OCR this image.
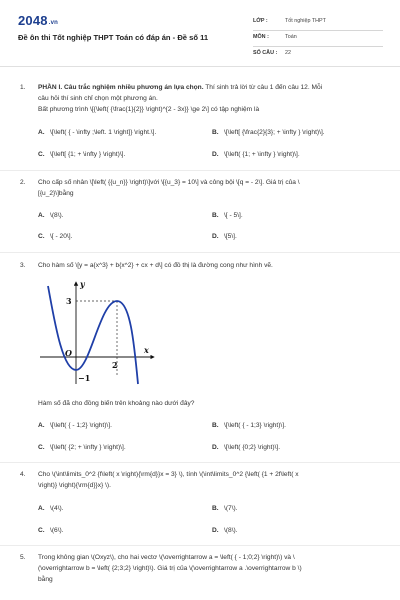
2048.vn
Đề ôn thi Tốt nghiệp THPT Toán có đáp án - Đề số 11
LỚP :	Tốt nghiệp THPT
MÔN :	Toán
SỐ CÂU : 22
1. PHẦN I. Câu trắc nghiệm nhiều phương án lựa chọn. Thí sinh trả lời từ câu 1 đến câu 12. Mỗi
câu hỏi thí sinh chỉ chọn một phương án.
Bất phương trình \[{\left( {\frac{1}{2}} \right)^{2 - 3x}} \ge 2\] có tập nghiệm là
A. \[\left( { - \infty ;\left. 1 \right]} \right.\].	B. \[\left[ {\frac{2}{3}; + \infty } \right)\].
C. \[\left[ {1; + \infty } \right)\].	D. \[\left( {1; + \infty } \right)\].
2. Cho cấp số nhân \[\left( {{u_n}} \right)\]với \[{u_3} = 10\] và công bội \[q = - 2\]. Giá trị của \
[{u_2}\]bằng
A. \(8\).	B. \[ - 5\].
C. \[ - 20\].	D. \[5\].
3. Cho hàm số \[y = a{x^3} + b{x^2} + cx + d\] có đồ thị là đường cong như hình vẽ.
y
x
O
2
3
−1
Hàm số đã cho đồng biến trên khoảng nào dưới đây?
A. \[\left( { - 1;2} \right)\].	B. \[\left( { - 1;3} \right)\].
C. \[\left( {2; + \infty } \right)\].	D. \[\left( {0;2} \right)\].
4. Cho \(\int\limits_0^2 {f\left( x \right){\rm{d}}x = 3} \), tính \(\int\limits_0^2 {\left( {1 + 2f\left( x
\right)} \right){\rm{d}}x} \).
A. \(4\).	B. \(7\).
C. \(6\).	D. \(8\).
5. Trong không gian \(Oxyz\), cho hai vectơ \(\overrightarrow a = \left( { - 1;0;2} \right)\) và \
(\overrightarrow b = \left( {2;3;2} \right)\). Giá trị của \(\overrightarrow a .\overrightarrow b \)
bằng
